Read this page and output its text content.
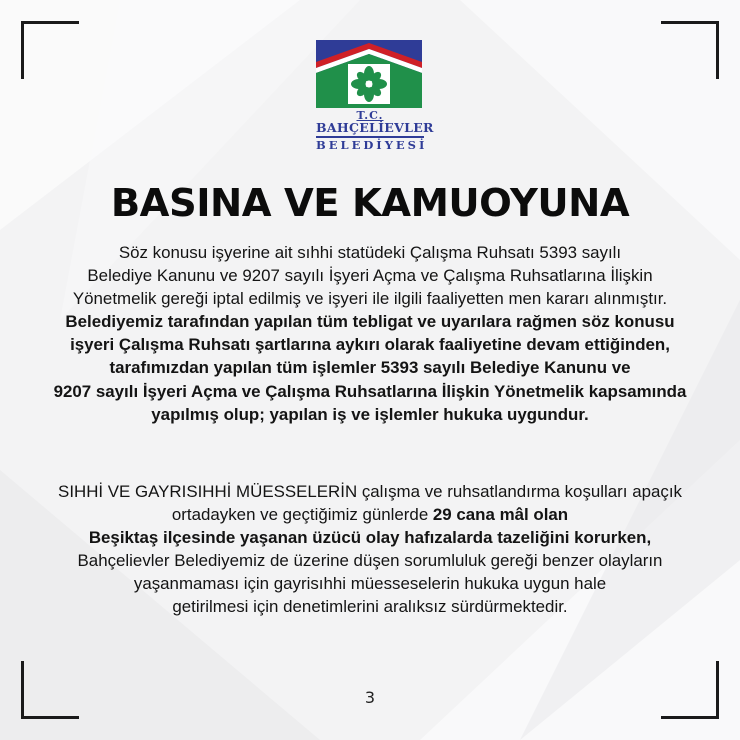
T.C.
BAHÇELİEVLER
BELEDİYESİ
BASINA VE KAMUOYUNA
Söz konusu işyerine ait sıhhi statüdeki Çalışma Ruhsatı 5393 sayılı
Belediye Kanunu ve 9207 sayılı İşyeri Açma ve Çalışma Ruhsatlarına İlişkin
Yönetmelik gereği iptal edilmiş ve işyeri ile ilgili faaliyetten men kararı alınmıştır.
Belediyemiz tarafından yapılan tüm tebligat ve uyarılara rağmen söz konusu
işyeri Çalışma Ruhsatı şartlarına aykırı olarak faaliyetine devam ettiğinden,
tarafımızdan yapılan tüm işlemler 5393 sayılı Belediye Kanunu ve
9207 sayılı İşyeri Açma ve Çalışma Ruhsatlarına İlişkin Yönetmelik kapsamında
yapılmış olup; yapılan iş ve işlemler hukuka uygundur.
SIHHİ VE GAYRISIHHİ MÜESSELERİN çalışma ve ruhsatlandırma koşulları apaçık
ortadayken ve geçtiğimiz günlerde 29 cana mâl olan
Beşiktaş ilçesinde yaşanan üzücü olay hafızalarda tazeliğini korurken,
Bahçelievler Belediyemiz de üzerine düşen sorumluluk gereği benzer olayların
yaşanmaması için gayrisıhhi müesseselerin hukuka uygun hale
getirilmesi için denetimlerini aralıksız sürdürmektedir.
3
